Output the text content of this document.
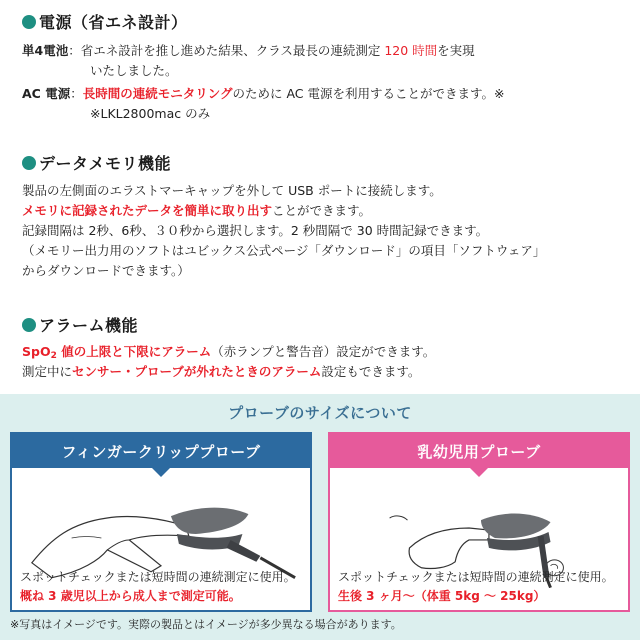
電源（省エネ設計）
単4電池：省エネ設計を推し進めた結果、クラス最長の連続測定 120 時間を実現
いたしました。
AC 電源：長時間の連続モニタリングのために AC 電源を利用することができます。※
※LKL2800mac のみ
データメモリ機能
製品の左側面のエラストマーキャップを外して USB ポートに接続します。
メモリに記録されたデータを簡単に取り出すことができます。
記録間隔は 2秒、6秒、３０秒から選択します。2 秒間隔で 30 時間記録できます。
（メモリー出力用のソフトはユビックス公式ページ「ダウンロード」の項目「ソフトウェア」
からダウンロードできます。）
アラーム機能
SpO2 値の上限と下限にアラーム（赤ランプと警告音）設定ができます。
測定中にセンサー・プローブが外れたときのアラーム設定もできます。
プローブのサイズについて
フィンガークリッププローブ
スポットチェックまたは短時間の連続測定に使用。
概ね 3 歳児以上から成人まで測定可能。
乳幼児用プローブ
スポットチェックまたは短時間の連続測定に使用。
生後 3 ヶ月～（体重 5kg ～ 25kg）
※写真はイメージです。実際の製品とはイメージが多少異なる場合があります。
